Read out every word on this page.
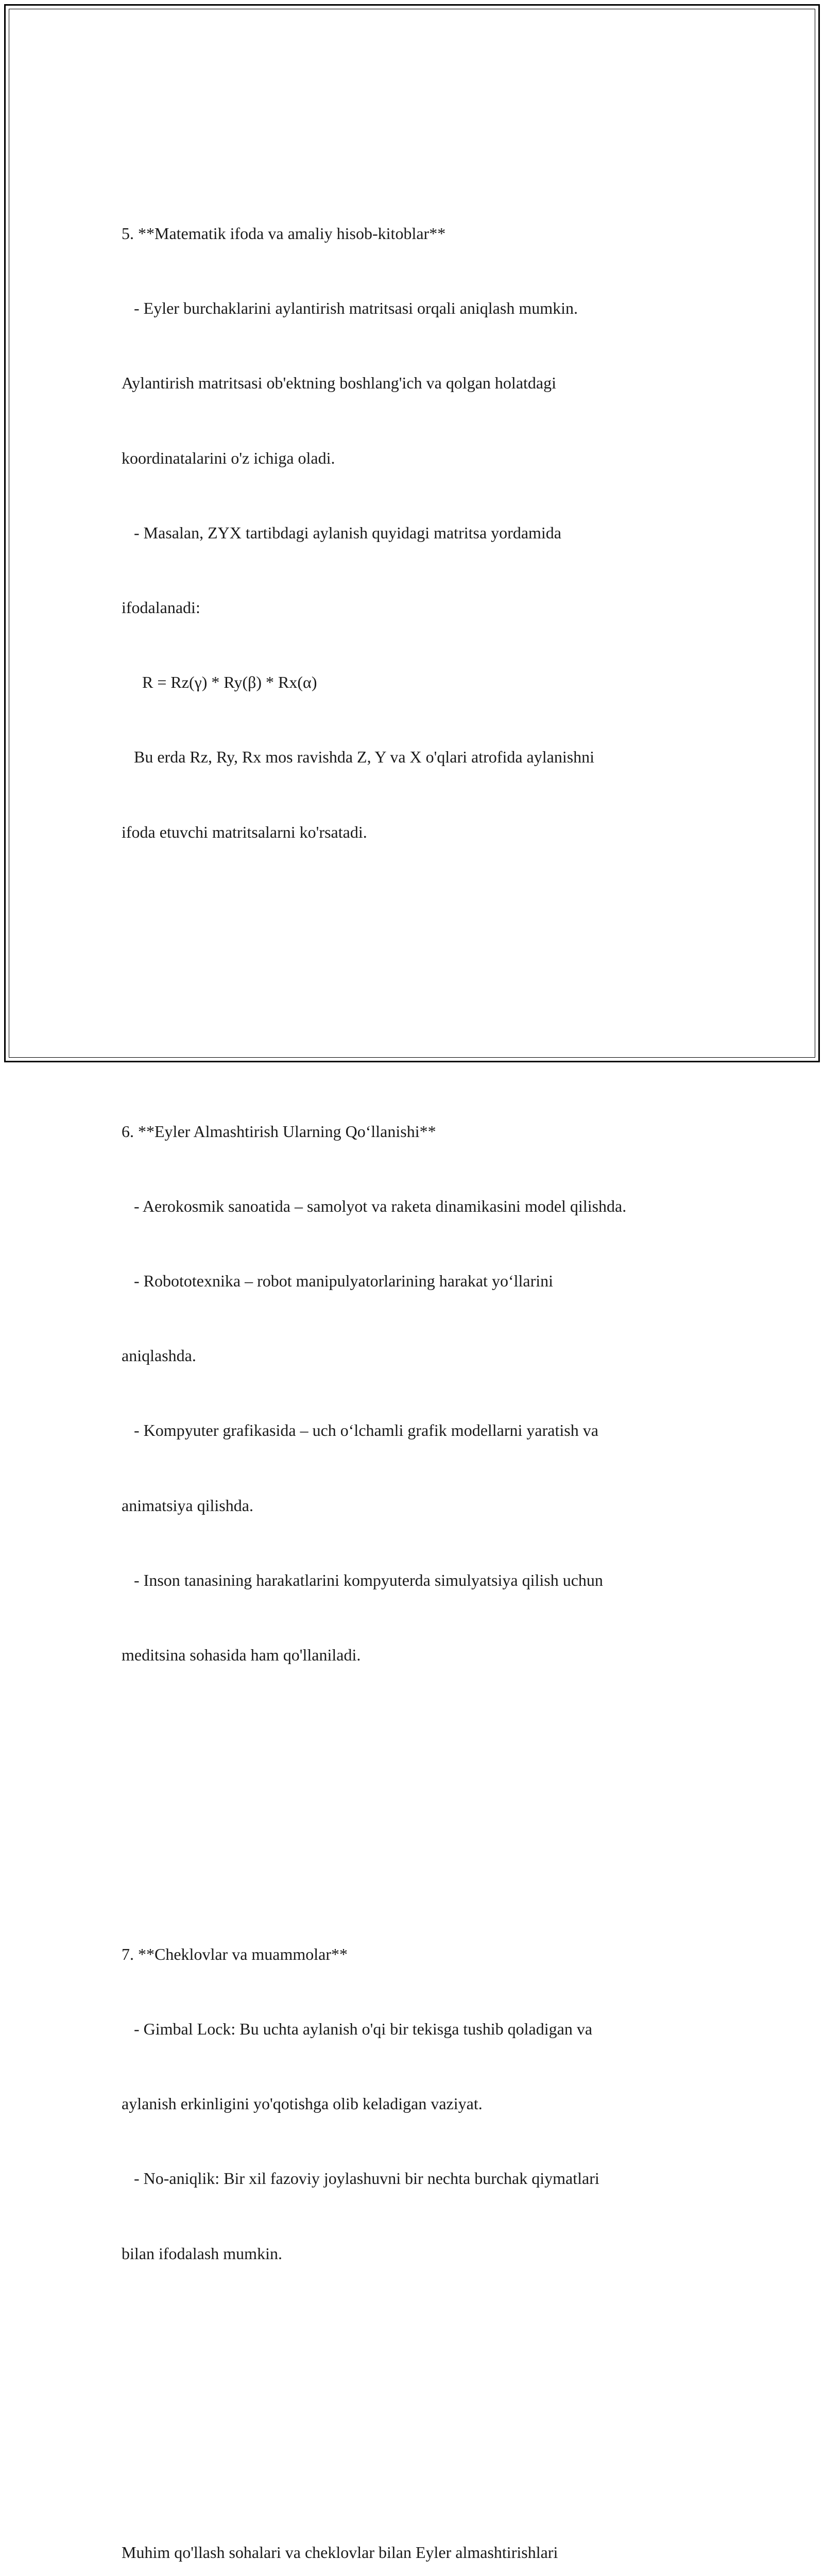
5. **Matematik ifoda va amaliy hisob-kitoblar**

- Eyler burchaklarini aylantirish matritsasi orqali aniqlash mumkin.

Aylantirish matritsasi ob'ektning boshlang'ich va qolgan holatdagi

koordinatalarini o'z ichiga oladi.

- Masalan, ZYX tartibdagi aylanish quyidagi matritsa yordamida

ifodalanadi:

R = Rz(γ) * Ry(β) * Rx(α)

Bu erda Rz, Ry, Rx mos ravishda Z, Y va X o'qlari atrofida aylanishni

ifoda etuvchi matritsalarni ko'rsatadi.

6. **Eyler Almashtirish Ularning Qo‘llanishi**

- Aerokosmik sanoatida – samolyot va raketa dinamikasini model qilishda.

- Robototexnika – robot manipulyatorlarining harakat yo‘llarini

aniqlashda.

- Kompyuter grafikasida – uch o‘lchamli grafik modellarni yaratish va

animatsiya qilishda.

- Inson tanasining harakatlarini kompyuterda simulyatsiya qilish uchun

meditsina sohasida ham qo'llaniladi.

7. **Cheklovlar va muammolar**

- Gimbal Lock: Bu uchta aylanish o'qi bir tekisga tushib qoladigan va

aylanish erkinligini yo'qotishga olib keladigan vaziyat.

- No-aniqlik: Bir xil fazoviy joylashuvni bir nechta burchak qiymatlari

bilan ifodalash mumkin.

Muhim qo'llash sohalari va cheklovlar bilan Eyler almashtirishlari
